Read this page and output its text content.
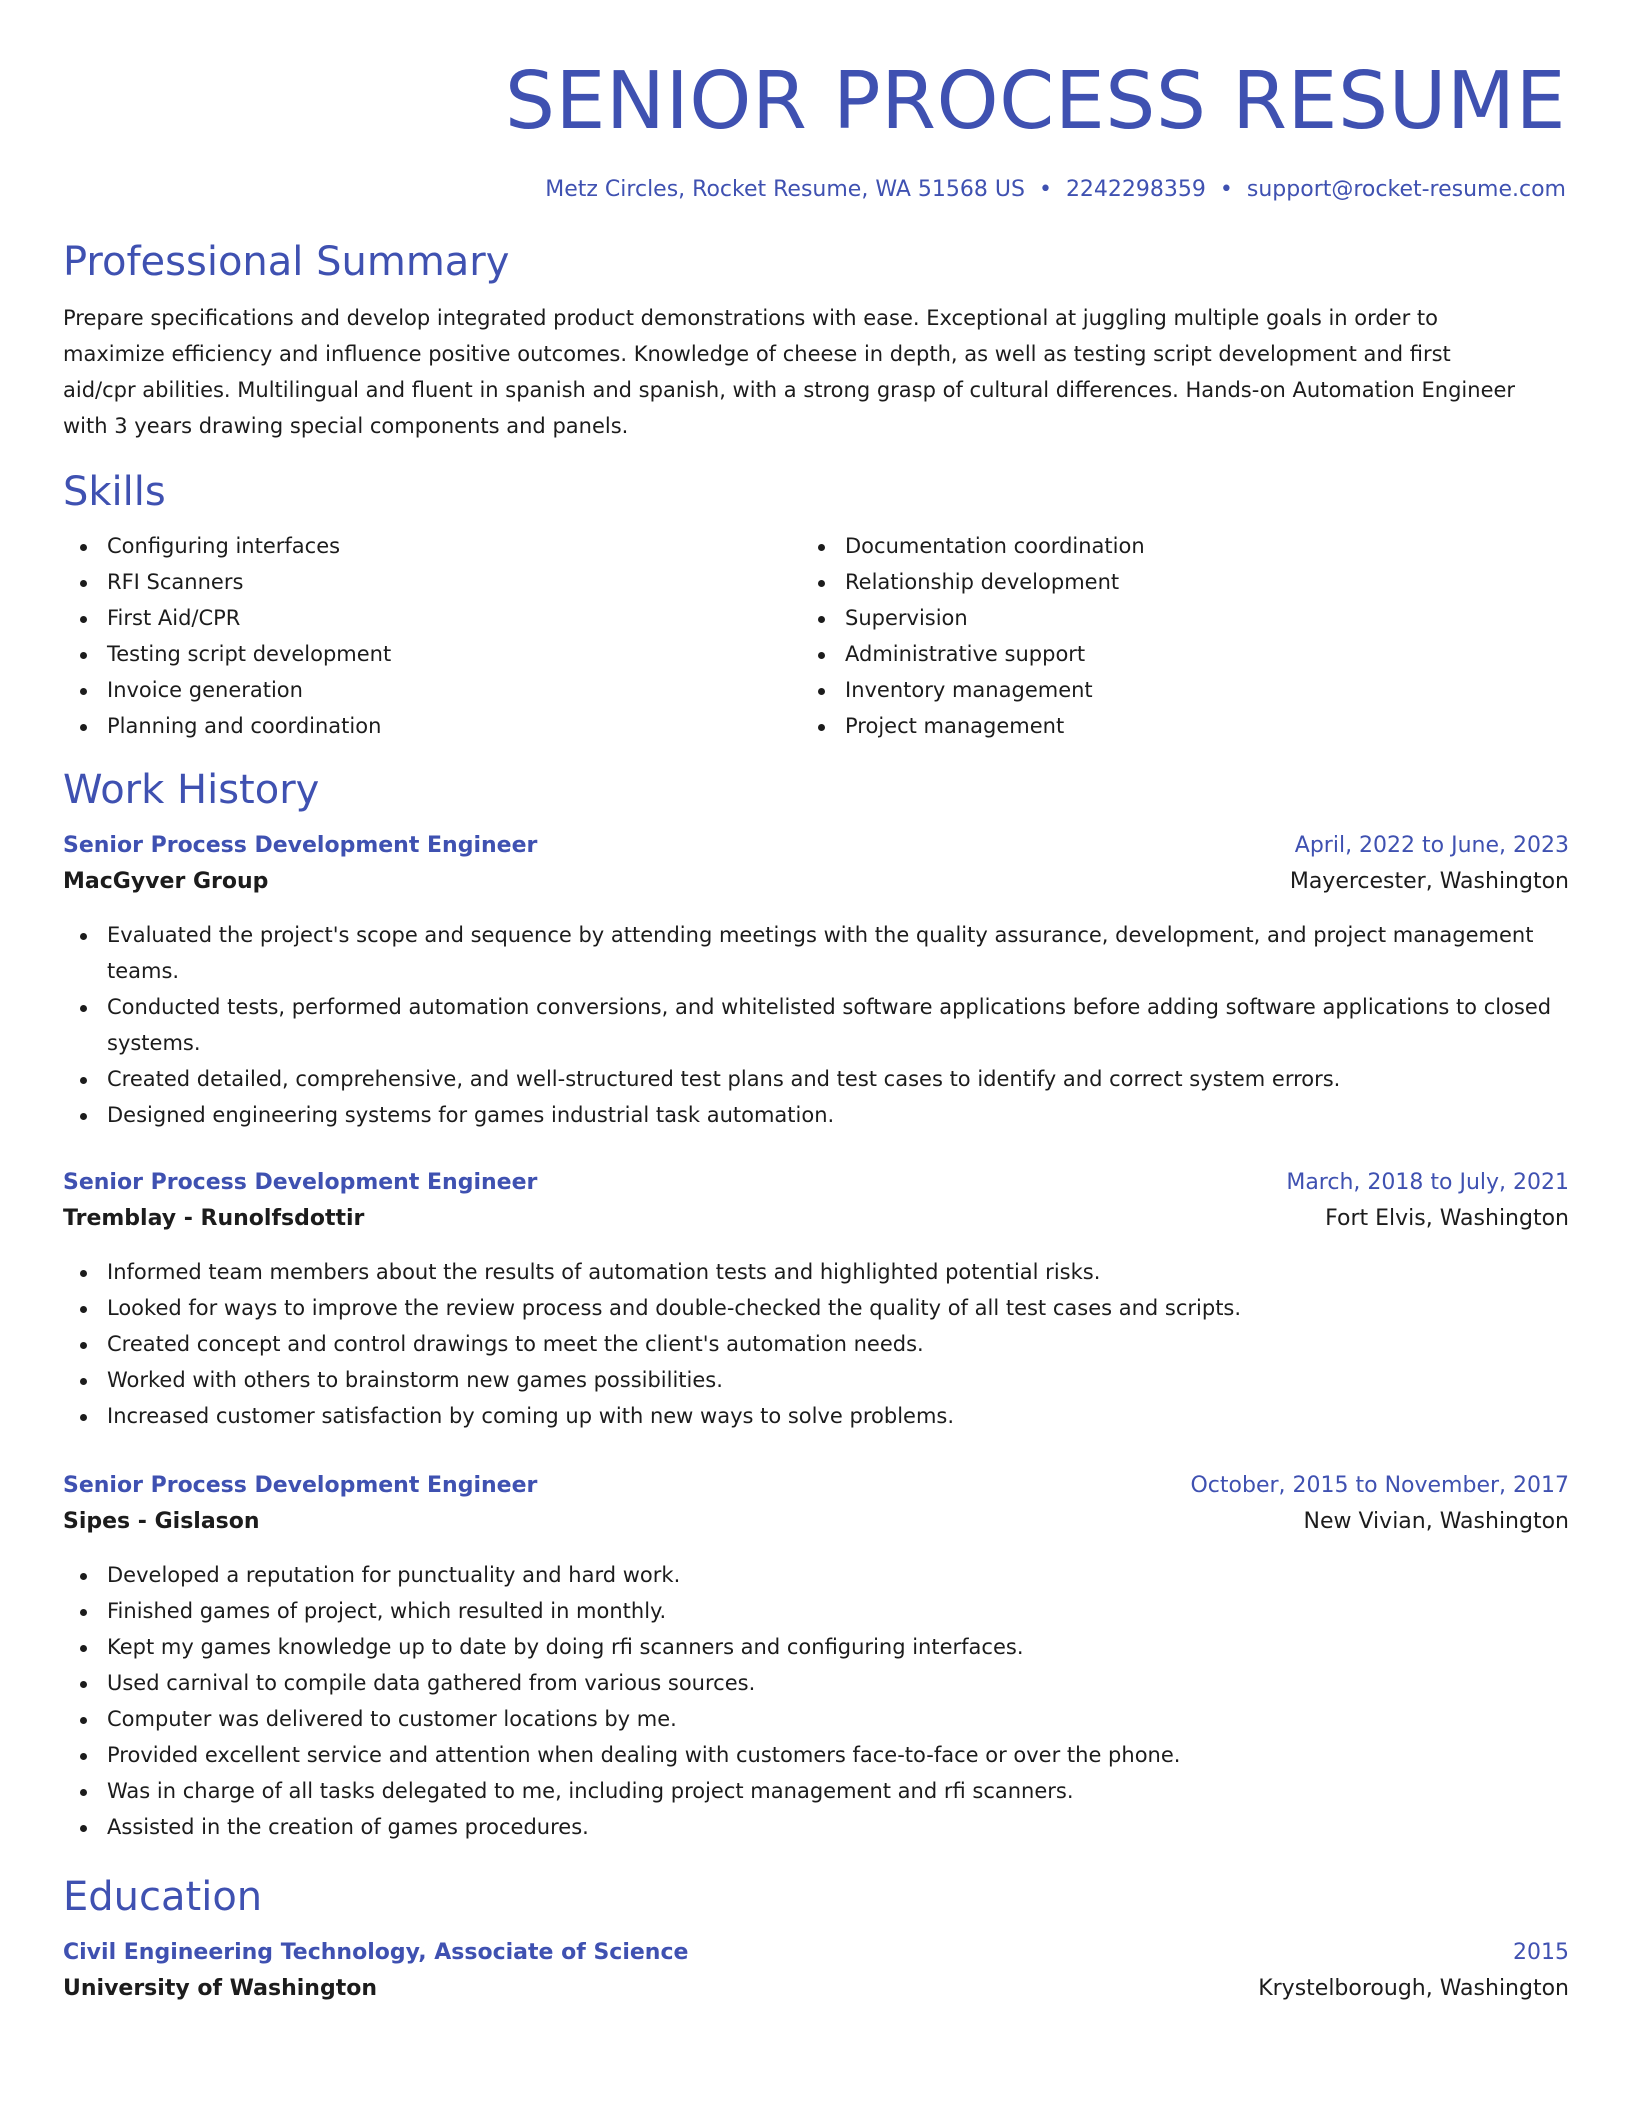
SENIOR PROCESS RESUME
Metz Circles, Rocket Resume, WA 51568 US • 2242298359 • support@rocket-resume.com
Professional Summary

Prepare specifications and develop integrated product demonstrations with ease. Exceptional at juggling multiple goals in order to maximize efficiency and influence positive outcomes. Knowledge of cheese in depth, as well as testing script development and first aid/cpr abilities. Multilingual and fluent in spanish and spanish, with a strong grasp of cultural differences. Hands-on Automation Engineer with 3 years drawing special components and panels.

Skills
Configuring interfaces
RFI Scanners
First Aid/CPR
Testing script development
Invoice generation
Planning and coordination
Documentation coordination
Relationship development
Supervision
Administrative support
Inventory management
Project management
Work History
Senior Process Development Engineer	April, 2022 to June, 2023
MacGyver Group	Mayercester, Washington
Evaluated the project's scope and sequence by attending meetings with the quality assurance, development, and project management teams.
Conducted tests, performed automation conversions, and whitelisted software applications before adding software applications to closed systems.
Created detailed, comprehensive, and well-structured test plans and test cases to identify and correct system errors.
Designed engineering systems for games industrial task automation.
Senior Process Development Engineer	March, 2018 to July, 2021
Tremblay - Runolfsdottir	Fort Elvis, Washington
Informed team members about the results of automation tests and highlighted potential risks.
Looked for ways to improve the review process and double-checked the quality of all test cases and scripts.
Created concept and control drawings to meet the client's automation needs.
Worked with others to brainstorm new games possibilities.
Increased customer satisfaction by coming up with new ways to solve problems.
Senior Process Development Engineer	October, 2015 to November, 2017
Sipes - Gislason	New Vivian, Washington
Developed a reputation for punctuality and hard work.
Finished games of project, which resulted in monthly.
Kept my games knowledge up to date by doing rfi scanners and configuring interfaces.
Used carnival to compile data gathered from various sources.
Computer was delivered to customer locations by me.
Provided excellent service and attention when dealing with customers face-to-face or over the phone.
Was in charge of all tasks delegated to me, including project management and rfi scanners.
Assisted in the creation of games procedures.
Education
Civil Engineering Technology, Associate of Science	2015
University of Washington	Krystelborough, Washington
